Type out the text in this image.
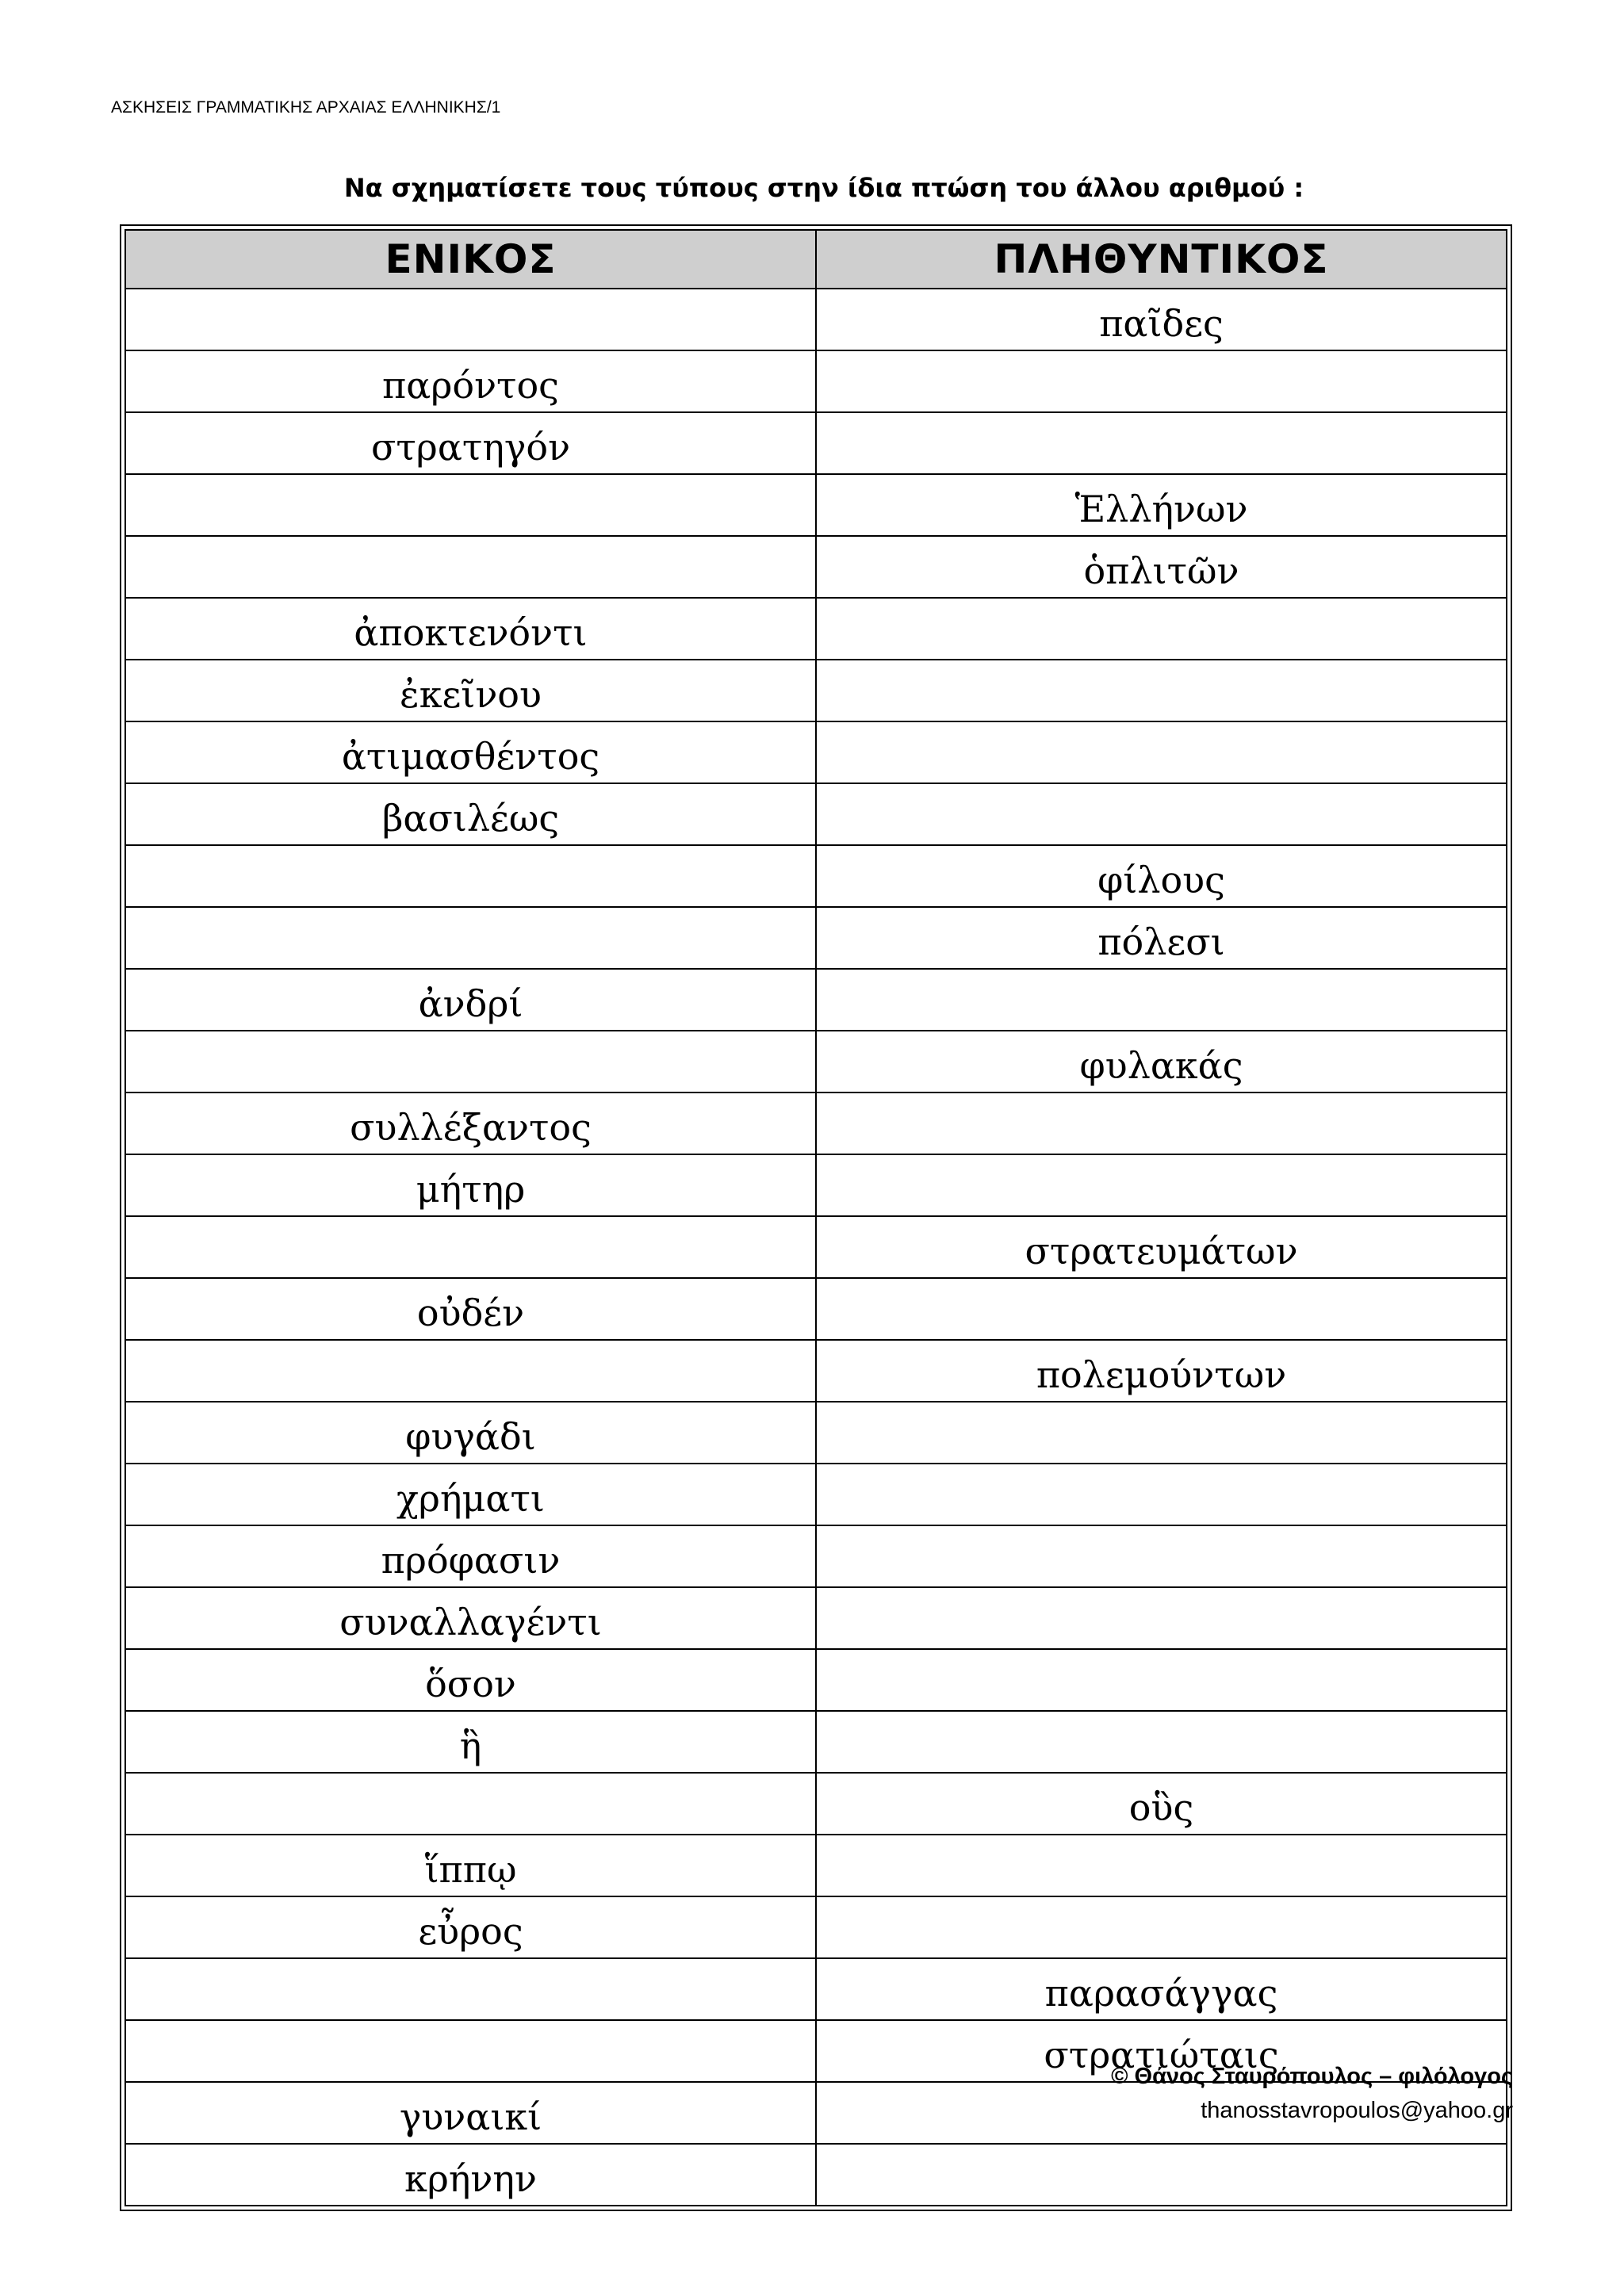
ΑΣΚΗΣΕΙΣ ΓΡΑΜΜΑΤΙΚΗΣ ΑΡΧΑΙΑΣ ΕΛΛΗΝΙΚΗΣ/1
Να σχηματίσετε τους τύπους στην ίδια πτώση του άλλου αριθμού :
ΕΝΙΚΟΣ	ΠΛΗΘΥΝΤΙΚΟΣ
	παῖδες
παρόντος	
στρατηγόν	
	Ἑλλήνων
	ὁπλιτῶν
ἀποκτενόντι	
ἐκεῖνου	
ἀτιμασθέντος	
βασιλέως	
	φίλους
	πόλεσι
ἀνδρί	
	φυλακάς
συλλέξαντος	
μήτηρ	
	στρατευμάτων
οὐδέν	
	πολεμούντων
φυγάδι	
χρήματι	
πρόφασιν	
συναλλαγέντι	
ὅσον	
ἣ	
	οὓς
ἵππῳ	
εὖρος	
	παρασάγγας
	στρατιώταις
γυναικί	
κρήνην	
© Θάνος Σταυρόπουλος – φιλόλογος
thanosstavropoulos@yahoo.gr
